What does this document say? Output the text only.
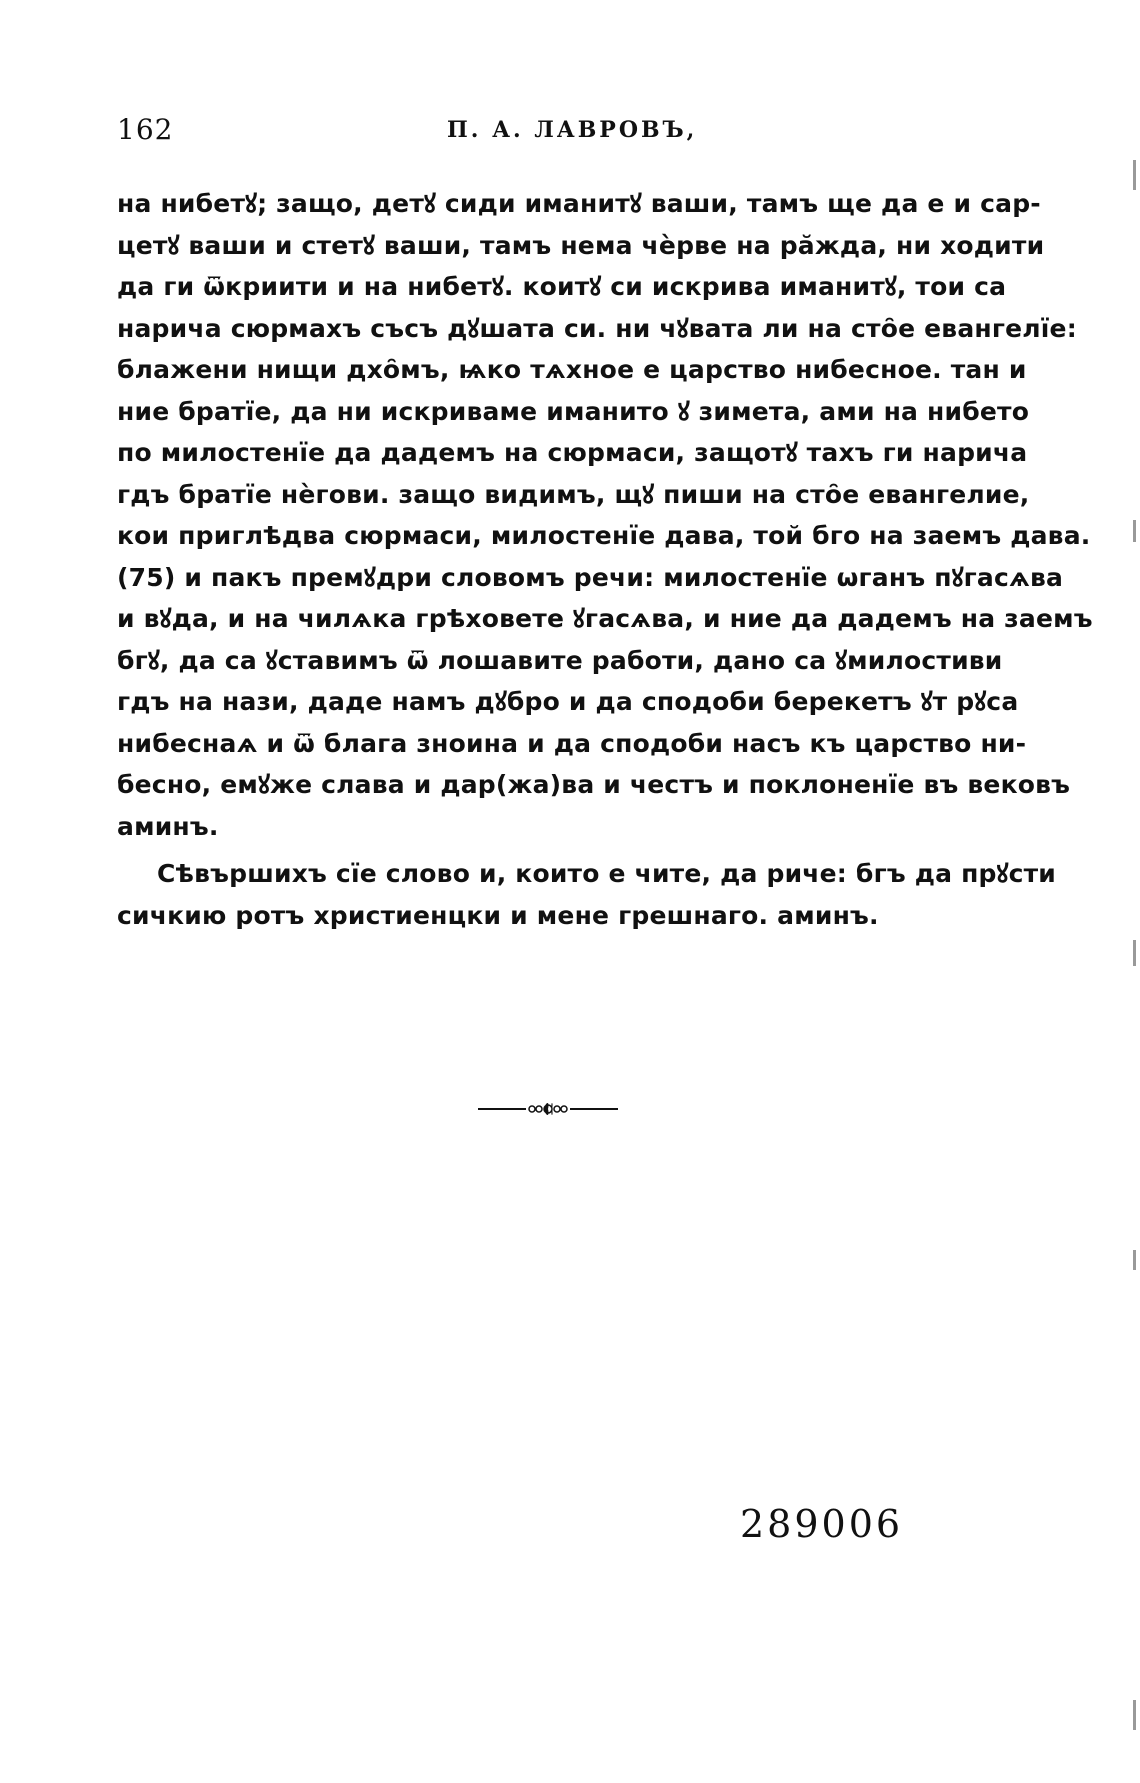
162	П. А. ЛАВРОВЪ,
на нибетꙋ; защо, детꙋ сиди иманитꙋ ваши, тамъ ще да е и сар-
цетꙋ ваши и стетꙋ ваши, тамъ нема чѐрве на рӑжда, ни ходити
да ги ѿкриити и на нибетꙋ. коитꙋ си искрива иманитꙋ, тои са
нарича сюрмахъ съсъ дꙋшата си. ни чꙋвата ли на сто̑е евангелїе:
блажени нищи дхо̑мъ, ѩко тѧхное е царство нибесное. тан и
ние братїе, да ни искриваме иманито ꙋ зимета, ами на нибето
по милостенїе да дадемъ на сюрмаси, защотꙋ тахъ ги нарича
гдъ братїе нѐгови. защо видимъ, щꙋ пиши на сто̑е евангелие,
кои приглѣдва сюрмаси, милостенїе дава, той бго на заемъ дава.
(75) и пакъ премꙋдри словомъ речи: милостенїе ѡганъ пꙋгасѧва
и вꙋда, и на чилѧка грѣховете ꙋгасѧва, и ние да дадемъ на заемъ
бгꙋ, да са ꙋставимъ ѿ лошавите работи, дано са ꙋмилостиви
гдъ на нази, даде намъ дꙋбро и да сподоби берекетъ ꙋт рꙋса
нибеснаѧ и ѿ блага зноина и да сподоби насъ къ царство ни-
бесно, емꙋже слава и дар(жа)ва и честъ и поклоненїе въ вековъ
аминъ.
Сѣвършихъ сїе слово и, които е чите, да риче: бгъ да прꙋсти
сичкию ротъ христиенцки и мене грешнаго. аминъ.
289006
